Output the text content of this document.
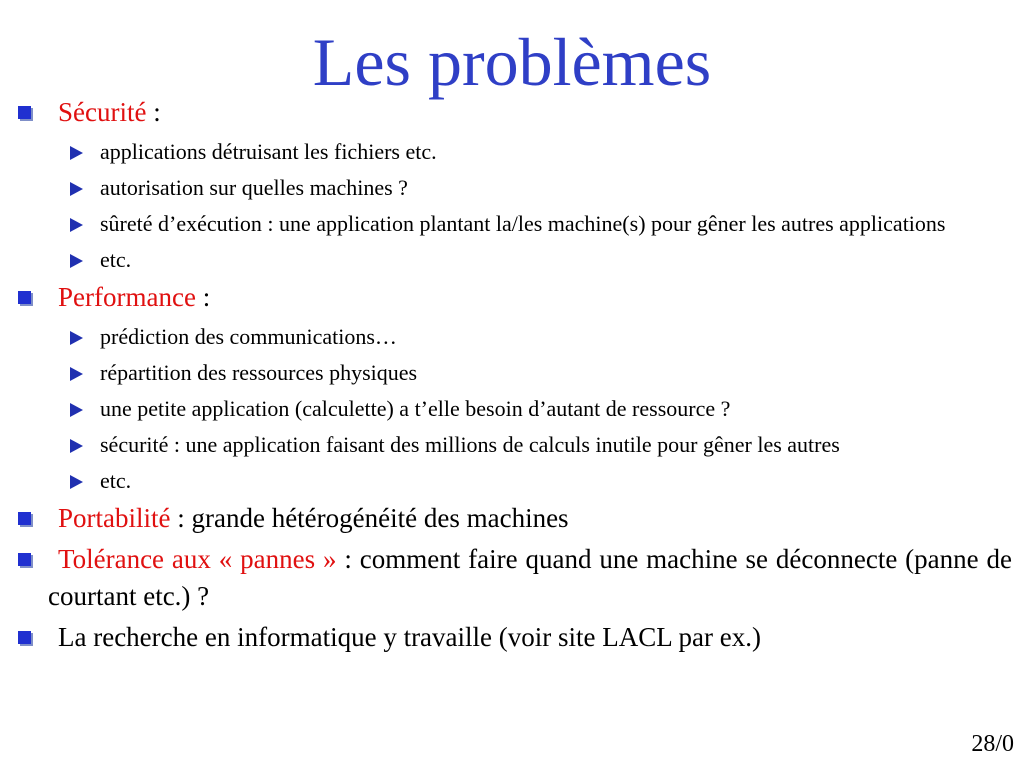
Les problèmes
Sécurité :
applications détruisant les fichiers etc.
autorisation sur quelles machines ?
sûreté d’exécution : une application plantant la/les machine(s) pour gêner les autres applications
etc.
Performance :
prédiction des communications…
répartition des ressources physiques
une petite application (calculette) a t’elle besoin d’autant de ressource ?
sécurité : une application faisant des millions de calculs inutile pour gêner les autres
etc.
Portabilité : grande hétérogénéité des machines
Tolérance aux « pannes » : comment faire quand une machine se déconnecte (panne de courtant etc.) ?
La recherche en informatique y travaille (voir site LACL par ex.)
28/0
